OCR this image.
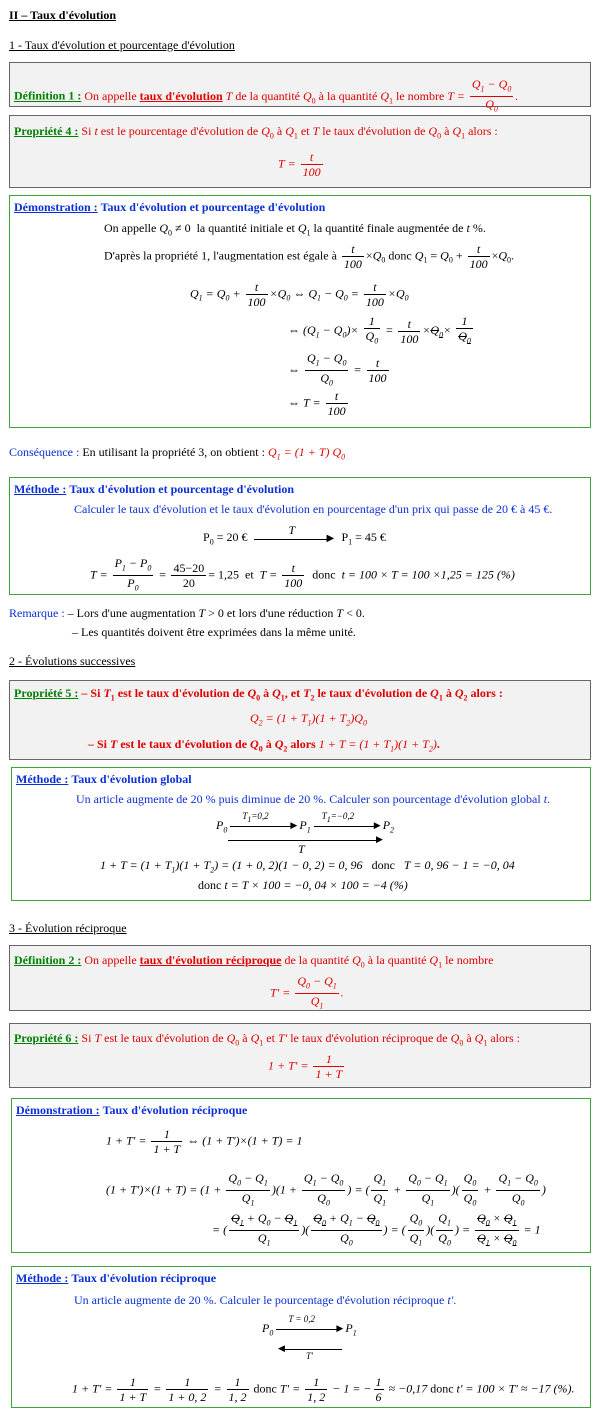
II – Taux d'évolution
1 - Taux d'évolution et pourcentage d'évolution
Définition 1 : On appelle taux d'évolution T de la quantité $Q_0$ à la quantité $Q_1$ le nombre $T = \frac{Q_1 - Q_0}{Q_0}$ .
Propriété 4 : Si t est le pourcentage d'évolution de $Q_0$ à $Q_1$ et T le taux d'évolution de $Q_0$ à $Q_1$ alors :
$T = \frac{t}{100}$
Démonstration : Taux d'évolution et pourcentage d'évolution
On appelle $Q_0 \ne 0$  la quantité initiale et $Q_1$ la quantité finale augmentée de t %.
D'après la propriété 1, l'augmentation est égale à $\frac{t}{100} \times Q_0$ donc $Q_1 = Q_0 + \frac{t}{100} \times Q_0$.
$Q_1 = Q_0 + \frac{t}{100} \times Q_0$ ⇔ $Q_1 - Q_0 = \frac{t}{100} \times Q_0$
⇔ $(Q_1 - Q_0)\times \frac{1}{Q_0} = \frac{t}{100} \times Q_0\times \frac{1}{Q_0}$
⇔ $\frac{Q_1 - Q_0}{Q_0} = \frac{t}{100}$
⇔ $T = \frac{t}{100}$
Conséquence : En utilisant la propriété 3, on obtient : $Q_1 = (1 + T)$ $Q_0$
Méthode : Taux d'évolution et pourcentage d'évolution
Calculer le taux d'évolution et le taux d'évolution en pourcentage d'un prix qui passe de 20 € à 45 €.
$P_0 = 20$ €	T
▶ $P_1 = 45$ €
$T = \frac{P_1 - P_0}{P_0} = \frac{45-20}{20} = 1,25$  et  $T = \frac{t}{100}$ donc  t = 100 × T = 100 ×1,25 = 125 (%)
Remarque : – Lors d'une augmentation T > 0 et lors d'une réduction T < 0.
– Les quantités doivent être exprimées dans la même unité.
2 - Évolutions successives
Propriété 5 : – Si $T_1$ est le taux d'évolution de $Q_0$ à $Q_1$, et $T_2$ le taux d'évolution de $Q_1$ à $Q_2$ alors :
$Q_2 = (1 + T_1)(1 + T_2)Q_0$
– Si T est le taux d'évolution de $Q_0$ à $Q_2$ alors $1 + T = (1 + T_1)(1 + T_2)$.
Méthode : Taux d'évolution global
Un article augmente de 20 % puis diminue de 20 %. Calculer son pourcentage d'évolution global t.
$P_0$
$T_1=0,2$
▶ $P_1$
$T_1=-0,2$
▶ $P_2$
▶
T
$1 + T = (1 + T_1)(1 + T_2) = (1 + 0$, 2)(1 − 0, 2) = 0, 96   donc   T = 0, 96 − 1 = −0, 04
donc t = T × 100 = −0, 04 × 100 = −4 (%)
3 - Évolution réciproque
Définition 2 : On appelle taux d'évolution réciproque de la quantité $Q_0$ à la quantité $Q_1$ le nombre
$T' = \frac{Q_0 - Q_1}{Q_1}$ .
Propriété 6 : Si T est le taux d'évolution de $Q_0$ à $Q_1$ et T' le taux d'évolution réciproque de $Q_0$ à $Q_1$ alors :
$1 + T' = \frac{1}{1 + T}$
Démonstration : Taux d'évolution réciproque
$1 + T' = \frac{1}{1 + T}$ ⇔ (1 + T')×(1 + T) = 1
$(1 + T')\times(1 + T) = (1 + \frac{Q_0 - Q_1}{Q_1} )(1 + \frac{Q_1 - Q_0}{Q_0}$ ) = ( $\frac{Q_1}{Q_1} + \frac{Q_0 - Q_1}{Q_1}$ )( $\frac{Q_0}{Q_0} + \frac{Q_1 - Q_0}{Q_0}$ )
= ( $\frac{Q_1 + Q_0 - Q_1}{Q_1}$ )( $\frac{Q_0 + Q_1 - Q_0}{Q_0}$ ) = ( $\frac{Q_0}{Q_1}$ )( $\frac{Q_1}{Q_0}$ ) = $\frac{Q_0 \times Q_1}{Q_1 \times Q_0} = 1$
Méthode : Taux d'évolution réciproque
Un article augmente de 20 %. Calculer le pourcentage d'évolution réciproque t'.
$P_0$
T = 0,2
▶ $P_1$
◀
T'
$1 + T' = \frac{1}{1 + T} = \frac{1}{1 + 0, 2} = \frac{1}{1, 2}$ donc $T' = \frac{1}{1, 2} - 1$ = − $\frac{1}{6} \approx -0,17$ donc t' = 100 × T' ≈ −17 (%).
